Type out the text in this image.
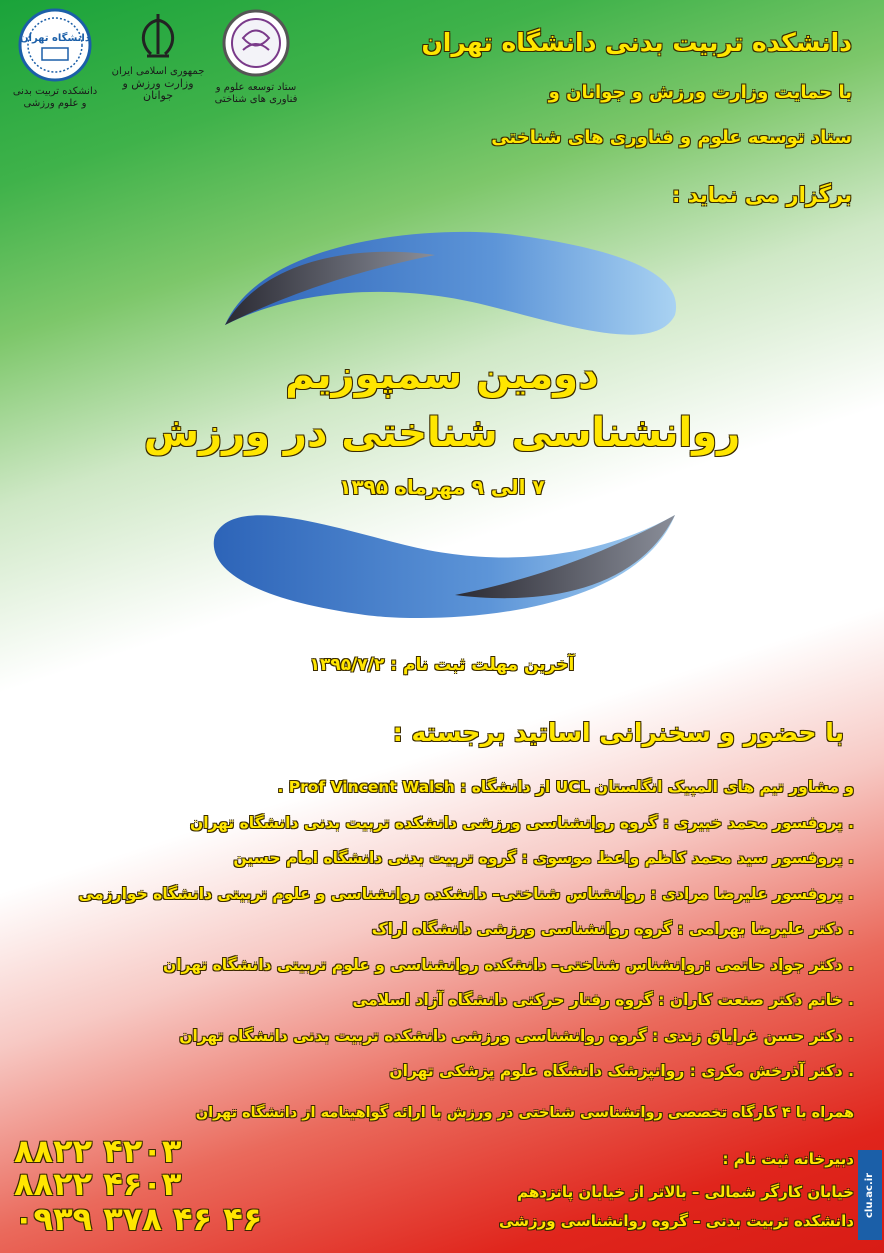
دانشگاه تهران
دانشکده تربیت بدنی
و علوم ورزشی
جمهوری اسلامی ایران
وزارت ورزش و جوانان
ستاد توسعه علوم و
فناوری های شناختی
دانشکده تربیت بدنی دانشگاه تهران
با حمایت وزارت ورزش و جوانان و
ستاد توسعه علوم و فناوری های شناختی
برگزار می نماید :
دومین سمپوزیم
روانشناسی شناختی در ورزش
۷ الی ۹ مهرماه ۱۳۹۵
آخرین مهلت ثبت نام : ۱۳۹۵/۷/۲
با حضور و سخنرانی اساتید برجسته :
. Prof Vincent Walsh : از دانشگاه UCL و مشاور تیم های المپیک انگلستان
. پروفسور محمد خبیری : گروه روانشناسی ورزشی دانشکده تربیت بدنی دانشگاه تهران
. پروفسور سید محمد کاظم واعظ موسوی : گروه تربیت بدنی دانشگاه امام حسین
. پروفسور علیرضا مرادی : روانشناس شناختی– دانشکده روانشناسی و علوم تربیتی دانشگاه خوارزمی
. دکتر علیرضا بهرامی : گروه روانشناسی ورزشی دانشگاه اراک
. دکتر جواد حاتمی :روانشناس شناختی– دانشکده روانشناسی و علوم تربیتی دانشگاه تهران
. خانم دکتر صنعت کاران : گروه رفتار حرکتی دانشگاه آزاد اسلامی
. دکتر حسن غرایاق زندی : گروه روانشناسی ورزشی دانشکده تربیت بدنی دانشگاه تهران
. دکتر آذرخش مکری : روانپزشک دانشگاه علوم پزشکی تهران
همراه با ۴ کارگاه تخصصی روانشناسی شناختی در ورزش با ارائه گواهینامه از دانشگاه تهران
دبیرخانه ثبت نام :
خیابان کارگر شمالی – بالاتر از خیابان پانزدهم
دانشکده تربیت بدنی – گروه روانشناسی ورزشی
۸۸۲۲ ۴۲۰۳
۸۸۲۲ ۴۶۰۳
۰۹۳۹ ۳۷۸ ۴۶ ۴۶
clu.ac.ir
